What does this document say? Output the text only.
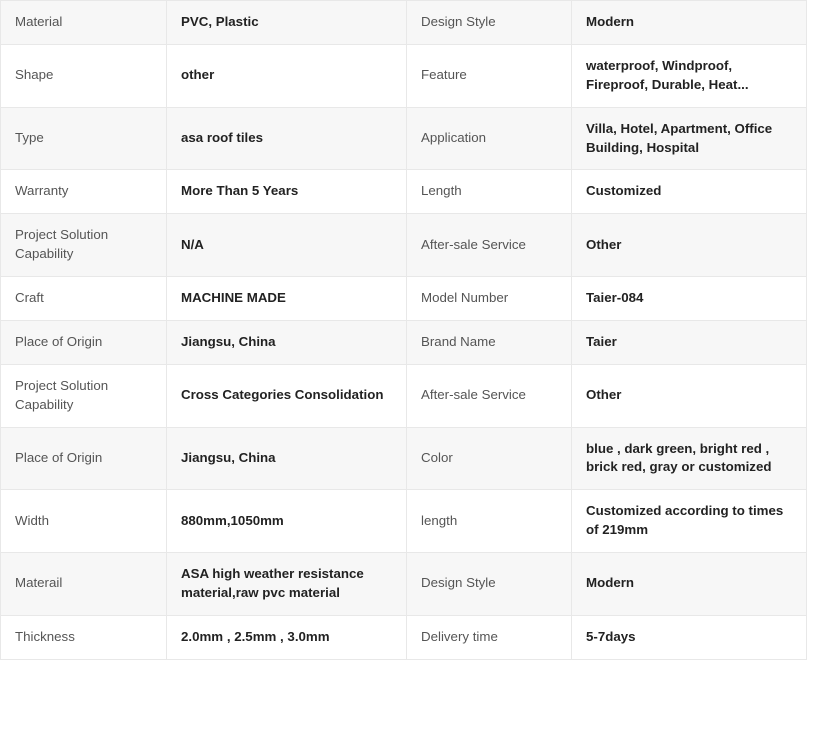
Material	PVC, Plastic	Design Style	Modern
Shape	other	Feature	waterproof, Windproof, Fireproof, Durable, Heat...
Type	asa roof tiles	Application	Villa, Hotel, Apartment, Office Building, Hospital
Warranty	More Than 5 Years	Length	Customized
Project Solution Capability	N/A	After-sale Service	Other
Craft	MACHINE MADE	Model Number	Taier-084
Place of Origin	Jiangsu, China	Brand Name	Taier
Project Solution Capability	Cross Categories Consolidation	After-sale Service	Other
Place of Origin	Jiangsu, China	Color	blue , dark green, bright red , brick red, gray or customized
Width	880mm,1050mm	length	Customized according to times of 219mm
Materail	ASA high weather resistance material,raw pvc material	Design Style	Modern
Thickness	2.0mm , 2.5mm , 3.0mm	Delivery time	5-7days
